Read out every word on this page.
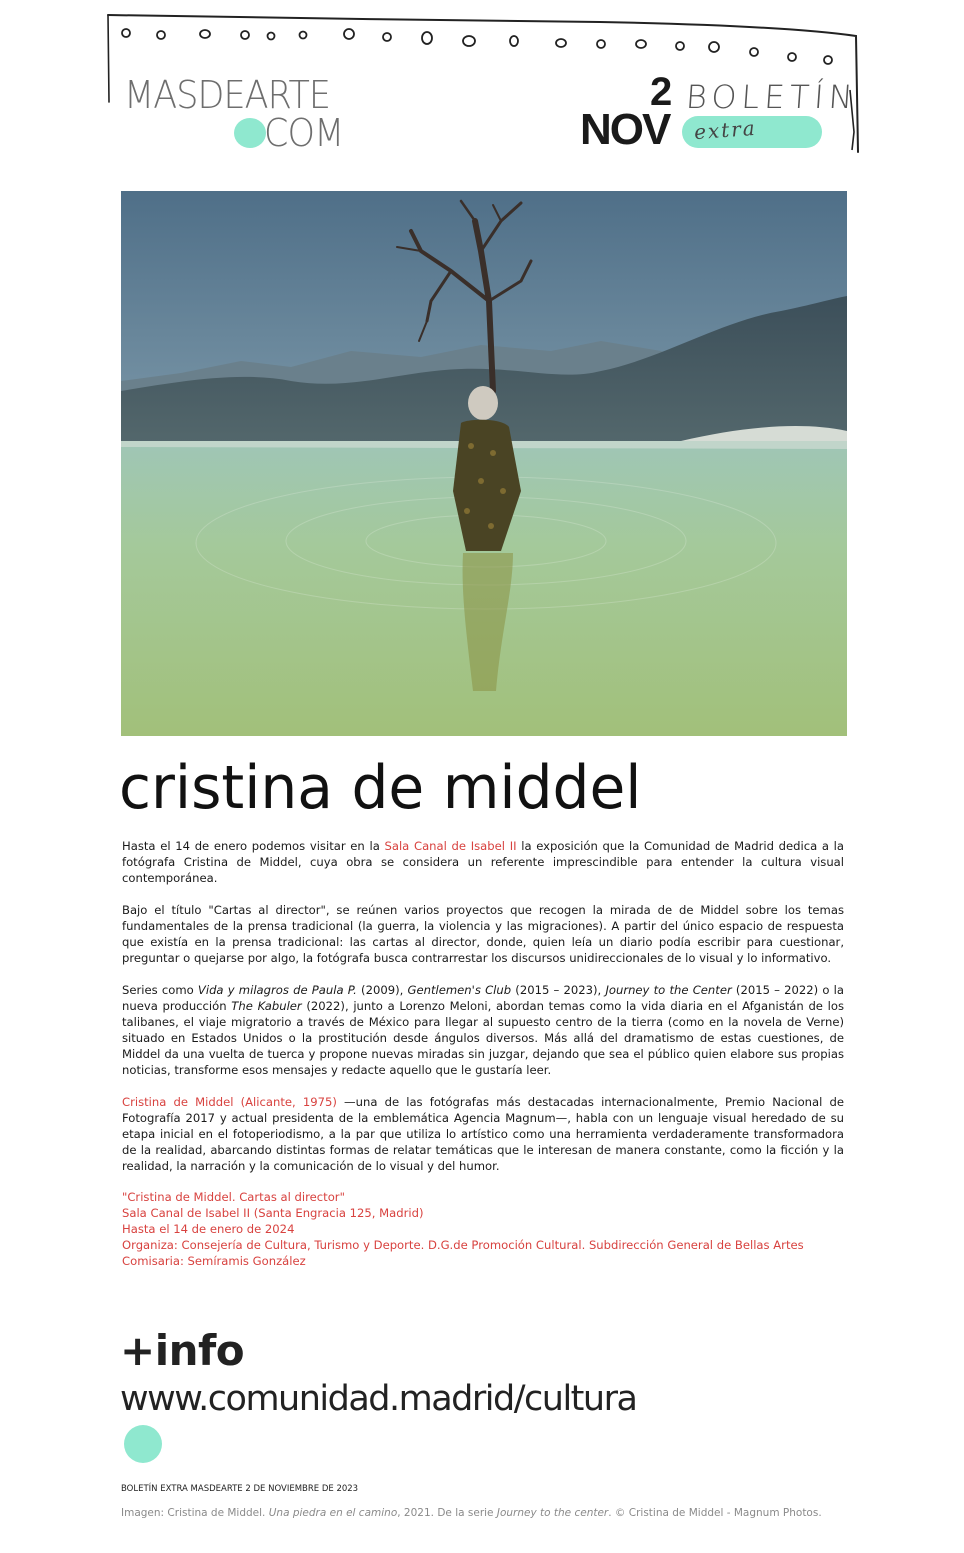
MASDEARTE
COM
2
NOV
BOLETÍN
extra
cristina de middel

Hasta el 14 de enero podemos visitar en la Sala Canal de Isabel II la exposición que la Comunidad de Madrid dedica a la fotógrafa Cristina de Middel, cuya obra se considera un referente imprescindible para entender la cultura visual contemporánea.

Bajo el título "Cartas al director", se reúnen varios proyectos que recogen la mirada de de Middel sobre los temas fundamentales de la prensa tradicional (la guerra, la violencia y las migraciones). A partir del único espacio de respuesta que existía en la prensa tradicional: las cartas al director, donde, quien leía un diario podía escribir para cuestionar, preguntar o quejarse por algo, la fotógrafa busca contrarrestar los discursos unidireccionales de lo visual y lo informativo.

Series como Vida y milagros de Paula P. (2009), Gentlemen's Club (2015 – 2023), Journey to the Center (2015 – 2022) o la nueva producción The Kabuler (2022), junto a Lorenzo Meloni, abordan temas como la vida diaria en el Afganistán de los talibanes, el viaje migratorio a través de México para llegar al supuesto centro de la tierra (como en la novela de Verne) situado en Estados Unidos o la prostitución desde ángulos diversos. Más allá del dramatismo de estas cuestiones, de Middel da una vuelta de tuerca y propone nuevas miradas sin juzgar, dejando que sea el público quien elabore sus propias noticias, transforme esos mensajes y redacte aquello que le gustaría leer.

Cristina de Middel (Alicante, 1975) —una de las fotógrafas más destacadas internacionalmente, Premio Nacional de Fotografía 2017 y actual presidenta de la emblemática Agencia Magnum—, habla con un lenguaje visual heredado de su etapa inicial en el fotoperiodismo, a la par que utiliza lo artístico como una herramienta verdaderamente transformadora de la realidad, abarcando distintas formas de relatar temáticas que le interesan de manera constante, como la ficción y la realidad, la narración y la comunicación de lo visual y del humor.

"Cristina de Middel. Cartas al director"
Sala Canal de Isabel II (Santa Engracia 125, Madrid)
Hasta el 14 de enero de 2024
Organiza: Consejería de Cultura, Turismo y Deporte. D.G.de Promoción Cultural. Subdirección General de Bellas Artes
Comisaria: Semíramis González
+info
www.comunidad.madrid/cultura
BOLETÍN EXTRA MASDEARTE 2 DE NOVIEMBRE DE 2023
Imagen: Cristina de Middel. Una piedra en el camino, 2021. De la serie Journey to the center. © Cristina de Middel - Magnum Photos.
